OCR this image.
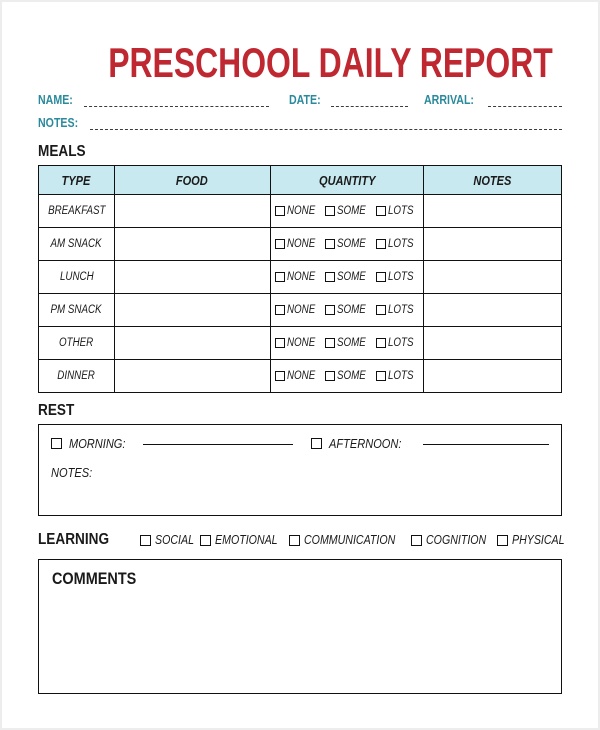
PRESCHOOL DAILY REPORT
NAME:	DATE:	ARRIVAL:
NOTES:
MEALS
TYPE	FOOD	QUANTITY	NOTES
BREAKFAST		NONE SOME LOTS	

AM SNACK		NONE SOME LOTS	

LUNCH		NONE SOME LOTS	

PM SNACK		NONE SOME LOTS	

OTHER		NONE SOME LOTS	

DINNER		NONE SOME LOTS	

REST
MORNING:	AFTERNOON:
NOTES:
LEARNING	SOCIAL EMOTIONAL COMMUNICATION COGNITION PHYSICAL
COMMENTS
